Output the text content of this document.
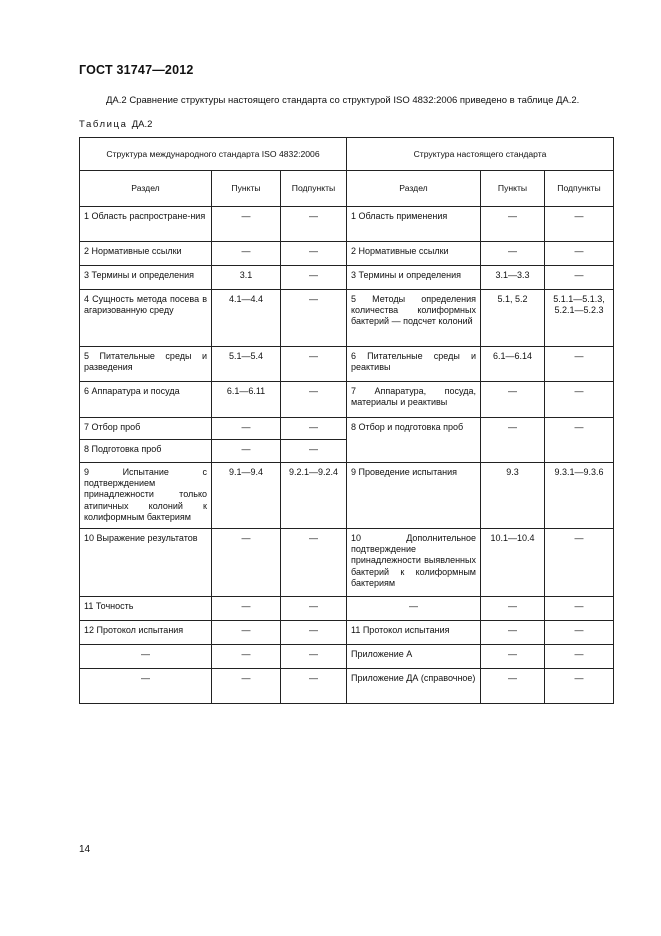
ГОСТ 31747—2012
ДА.2 Сравнение структуры настоящего стандарта со структурой ISO 4832:2006 приведено в таблице ДА.2.
Таблица ДА.2
Структура международного стандарта ISO 4832:2006			Структура настоящего стандарта		
Раздел	Пункты	Подпункты	Раздел	Пункты	Подпункты
1 Область распростране-ния	—	—	1 Область применения	—	—
2 Нормативные ссылки	—	—	2 Нормативные ссылки	—	—
3 Термины и определения	3.1	—	3 Термины и определения	3.1—3.3	—
4 Сущность метода посева в агаризованную среду	4.1—4.4	—	5 Методы определения количества колиформных бактерий — подсчет колоний	5.1, 5.2	5.1.1—5.1.3, 5.2.1—5.2.3
5 Питательные среды и разведения	5.1—5.4	—	6 Питательные среды и реактивы	6.1—6.14	—
6 Аппаратура и посуда	6.1—6.11	—	7 Аппаратура, посуда, материалы и реактивы	—	—
7 Отбор проб	—	—	8 Отбор и подготовка проб	—	—
8 Подготовка проб	—	—			
9 Испытание с подтверждением принадлежности только атипичных колоний к колиформным бактериям	9.1—9.4	9.2.1—9.2.4	9 Проведение испытания	9.3	9.3.1—9.3.6
10 Выражение результатов	—	—	10 Дополнительное подтверждение принадлежности выявленных бактерий к колиформным бактериям	10.1—10.4	—
11 Точность	—	—	—	—	—
12 Протокол испытания	—	—	11 Протокол испытания	—	—
—	—	—	Приложение А	—	—
—	—	—	Приложение ДА (справочное)	—	—
14
